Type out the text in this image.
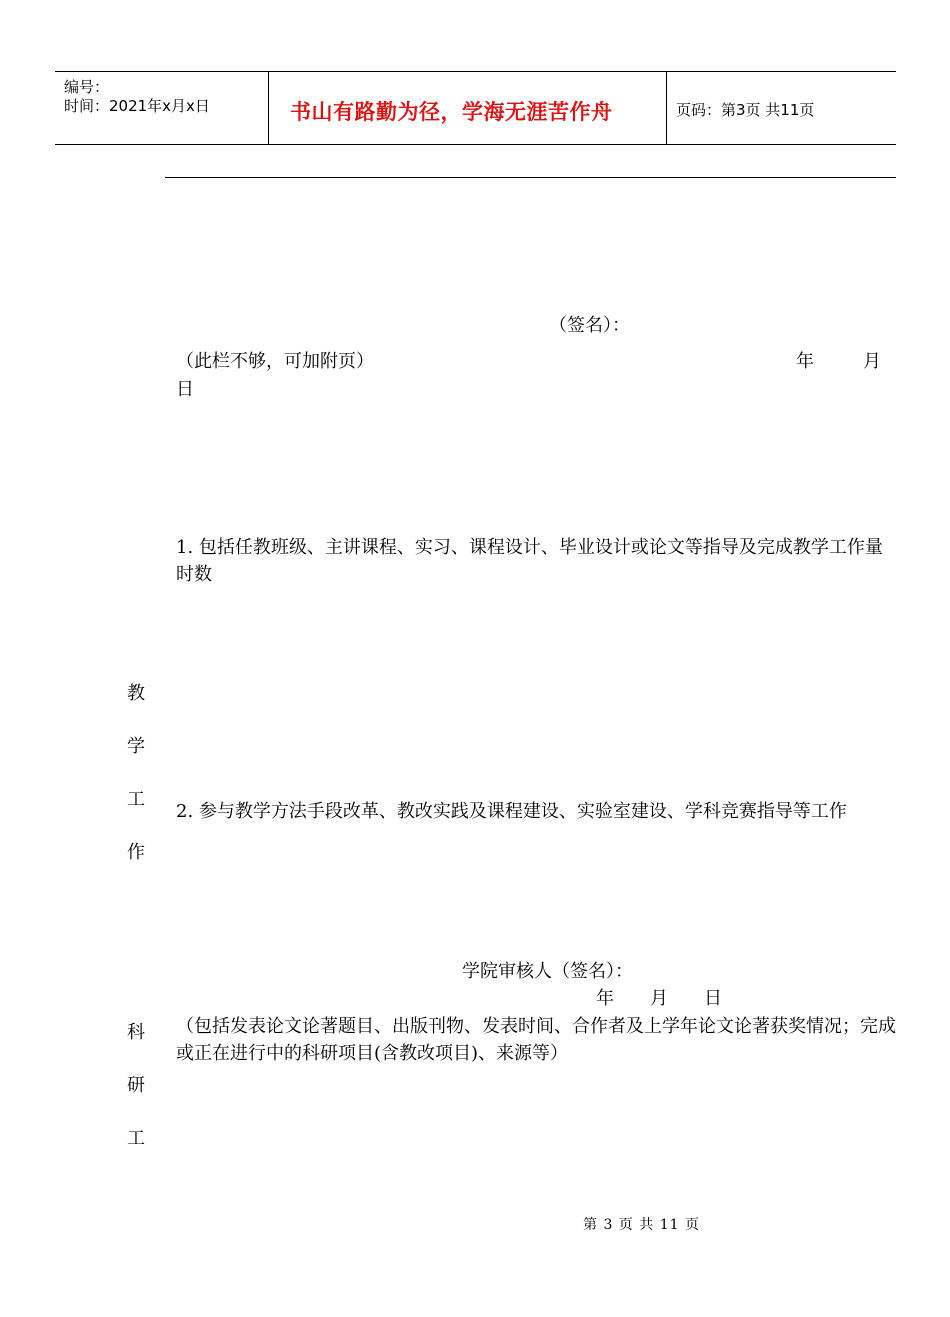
编号：
时间：2021年x月x日	书山有路勤为径，学海无涯苦作舟	页码：第3页 共11页
（签名）：
（此栏不够，可加附页）	年	月
日
1. 包括任教班级、主讲课程、实习、课程设计、毕业设计或论文等指导及完成教学工作量时数
教
学
工
作
2. 参与教学方法手段改革、教改实践及课程建设、实验室建设、学科竞赛指导等工作
学院审核人（签名）：
年　　月　　日
（包括发表论文论著题目、出版刊物、发表时间、合作者及上学年论文论著获奖情况；完成或正在进行中的科研项目(含教改项目)、来源等）
科
研
工
第 3 页 共 11 页
